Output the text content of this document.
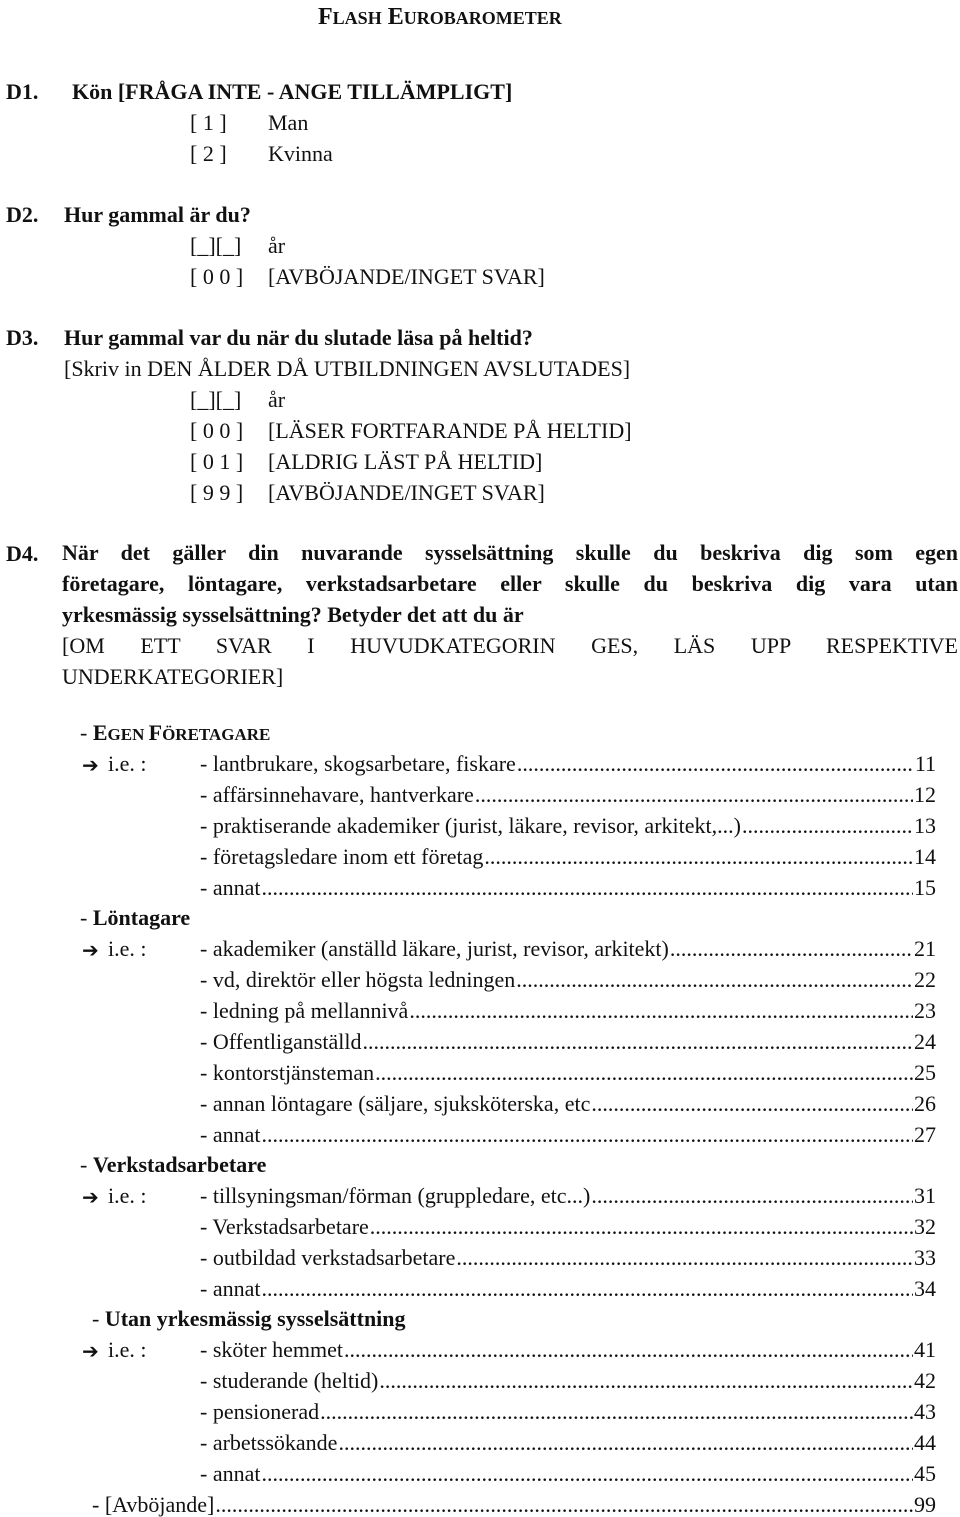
FLASH EUROBAROMETER
D1. Kön [FRÅGA INTE - ANGE TILLÄMPLIGT]
[ 1 ] Man
[ 2 ] Kvinna
D2. Hur gammal är du?
[_][_] år
[ 0 0 ] [AVBÖJANDE/INGET SVAR]
D3. Hur gammal var du när du slutade läsa på heltid?
[Skriv in DEN ÅLDER DÅ UTBILDNINGEN AVSLUTADES]
[_][_] år
[ 0 0 ] [LÄSER FORTFARANDE PÅ HELTID]
[ 0 1 ] [ALDRIG LÄST PÅ HELTID]
[ 9 9 ] [AVBÖJANDE/INGET SVAR]
D4. När det gäller din nuvarande sysselsättning skulle du beskriva dig som egen
företagare, löntagare, verkstadsarbetare eller skulle du beskriva dig vara utan
yrkesmässig sysselsättning? Betyder det att du är
[OM ETT SVAR I HUVUDKATEGORIN GES, LÄS UPP RESPEKTIVE
UNDERKATEGORIER]
- EGEN FÖRETAGARE
➔ i.e. : - lantbrukare, skogsarbetare, fiskare .....	11
- affärsinnehavare, hantverkare .....	12
- praktiserande akademiker (jurist, läkare, revisor, arkitekt,...) .....	13
- företagsledare inom ett företag .....	14
- annat .....	15
- Löntagare
➔ i.e. : - akademiker (anställd läkare, jurist, revisor, arkitekt) .....	21
- vd, direktör eller högsta ledningen .....	22
- ledning på mellannivå .....	23
- Offentliganställd .....	24
- kontorstjänsteman .....	25
- annan löntagare (säljare, sjuksköterska, etc .....	26
- annat .....	27
- Verkstadsarbetare
➔ i.e. : - tillsyningsman/förman (gruppledare, etc...) .....	31
- Verkstadsarbetare .....	32
- outbildad verkstadsarbetare .....	33
- annat .....	34
- Utan yrkesmässig sysselsättning
➔ i.e. : - sköter hemmet .....	41
- studerande (heltid) .....	42
- pensionerad .....	43
- arbetssökande .....	44
- annat .....	45
- [Avböjande] .....	99
